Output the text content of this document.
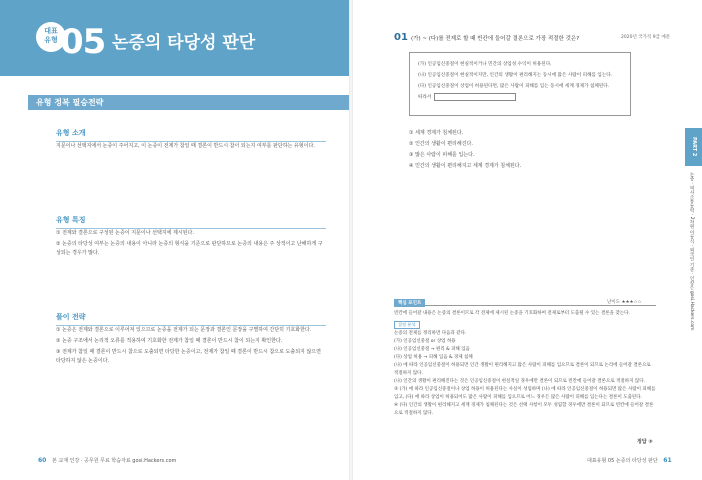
대표
유형 05 논증의 타당성 판단
유형 정복 필승전략
유형 소개

지문이나 선택지에서 논증이 주어지고, 이 논증이 전제가 참일 때 결론이 반드시 참이 되는지 여부를 판단하는 유형이다.

유형 특징

① 전제와 결론으로 구성된 논증이 지문이나 선택지에 제시된다.

② 논증의 타당성 여부는 논증의 내용이 아니라 논증의 형식을 기준으로 판단하므로 논증의 내용은 주 상적이고 난해하게 구성되는 경우가 많다.

풀이 전략

① 논증은 전제와 결론으로 이루어져 있으므로 논증을 전제가 되는 문장과 결론인 문장을 구별하여 간단히 기호화한다.

② 논증 구조에서 논리적 오류를 적용하여 기호화한 전제가 참일 때 결론이 반드시 참이 되는지 확인한다.

③ 전제가 참일 때 결론이 반드시 참으로 도출되면 타당한 논증이고, 전제가 참일 때 결론이 반드시 참으로 도출되지 않으면 타당하지 않은 논증이다.

60 본 교재 인강 · 공무원 무료 학습자료 gosi.Hackers.com
01 (가) ~ (다)를 전제로 할 때 빈칸에 들어갈 결론으로 가장 적절한 것은?	2020년 국가직 9급 예문

(가) 인공임신중절이 현실적이거나 민간의 상업성 수익이 허용된다.

(나) 인공임신중절이 현실적이지만, 인간의 생활이 편리해지는 동시에 많은 사람이 피해를 입는다.

(다) 인공임신중절이 상업이 허용된다면, 많은 사람이 피해를 입는 동시에 세계 경제가 침체된다.

따라서

① 세계 경제가 침체된다.
② 인간의 생활이 편리해진다.
③ 많은 사람이 피해를 입는다.
④ 인간의 생활이 편리해지고 세계 경제가 침체된다.
PART 2
논증 · 의사소통능력 · 2차원 이동식 · 외국인 기준 · 인강은 gosi.Hackers.com
핵심 포인트	난이도 ★★★☆☆

빈칸에 들어갈 내용은 논증의 결론이므로 각 전제에 제시된 논증을 기호화하여 전제로부터 도출될 수 있는 결론을 찾는다.

결정 분석

논증의 전제를 정리하면 다음과 같다.

(가) 인공임신중절 or 상업 허용

(나) 인공임신중절 → 편리 & 피해 입음

(다) 상업 허용 → 피해 입음 & 경제 침체

(나) 에 따라 인공임신중절이 허용되면 인간 생활이 편리해지고 많은 사람이 피해를 입으므로 결론이 되므로 논리에 들어갈 결론으로 적절하지 않다.

(나) 인간의 생활이 편리해진다는 것은 인공임신중절이 현실적일 경우에만 결론이 되므로 빈칸에 들어갈 결론으로 적절하지 않다.

③ (가) 에 따라 인공임신중절이나 상업 허용이 허용된다는 사실이 성립하며 (나) 에 따라 인공임신중절이 허용되면 많은 사람이 피해를 입고, (다) 에 따라 상업이 허용되어도 많은 사람이 피해를 입으므로 어느 경우든 많은 사람이 피해를 입는다는 결론이 도출된다.

④ (다) 인간의 생활이 편리해지고 세계 경제가 침체된다는 것은 선택 사항이 모두 성립할 경우에만 결론이 되므로 빈칸에 들어갈 결론으로 적절하지 않다.

정답 ③
대표유형 05 논증의 타당성 판단 61
